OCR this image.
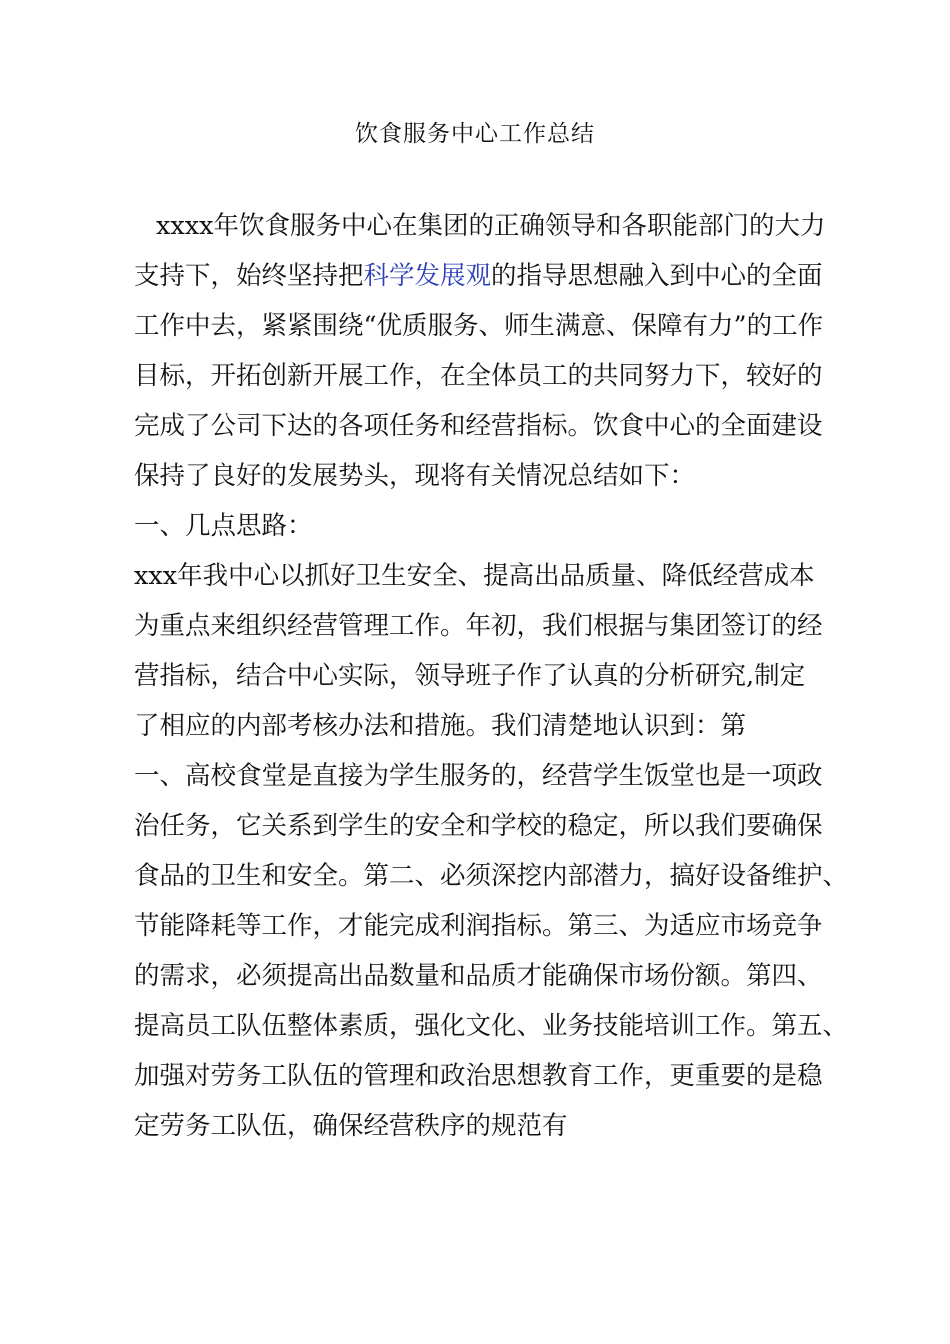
饮食服务中心工作总结
xxxx年饮食服务中心在集团的正确领导和各职能部门的大力
支持下，始终坚持把科学发展观的指导思想融入到中心的全面
工作中去，紧紧围绕“优质服务、师生满意、保障有力”的工作
目标，开拓创新开展工作，在全体员工的共同努力下，较好的
完成了公司下达的各项任务和经营指标。饮食中心的全面建设
保持了良好的发展势头，现将有关情况总结如下：
一、几点思路：
xxx年我中心以抓好卫生安全、提高出品质量、降低经营成本
为重点来组织经营管理工作。年初，我们根据与集团签订的经
营指标，结合中心实际，领导班子作了认真的分析研究,制定
了相应的内部考核办法和措施。我们清楚地认识到：第
一、高校食堂是直接为学生服务的，经营学生饭堂也是一项政
治任务，它关系到学生的安全和学校的稳定，所以我们要确保
食品的卫生和安全。第二、必须深挖内部潜力，搞好设备维护、
节能降耗等工作，才能完成利润指标。第三、为适应市场竞争
的需求，必须提高出品数量和品质才能确保市场份额。第四、
提高员工队伍整体素质，强化文化、业务技能培训工作。第五、
加强对劳务工队伍的管理和政治思想教育工作，更重要的是稳
定劳务工队伍，确保经营秩序的规范有
